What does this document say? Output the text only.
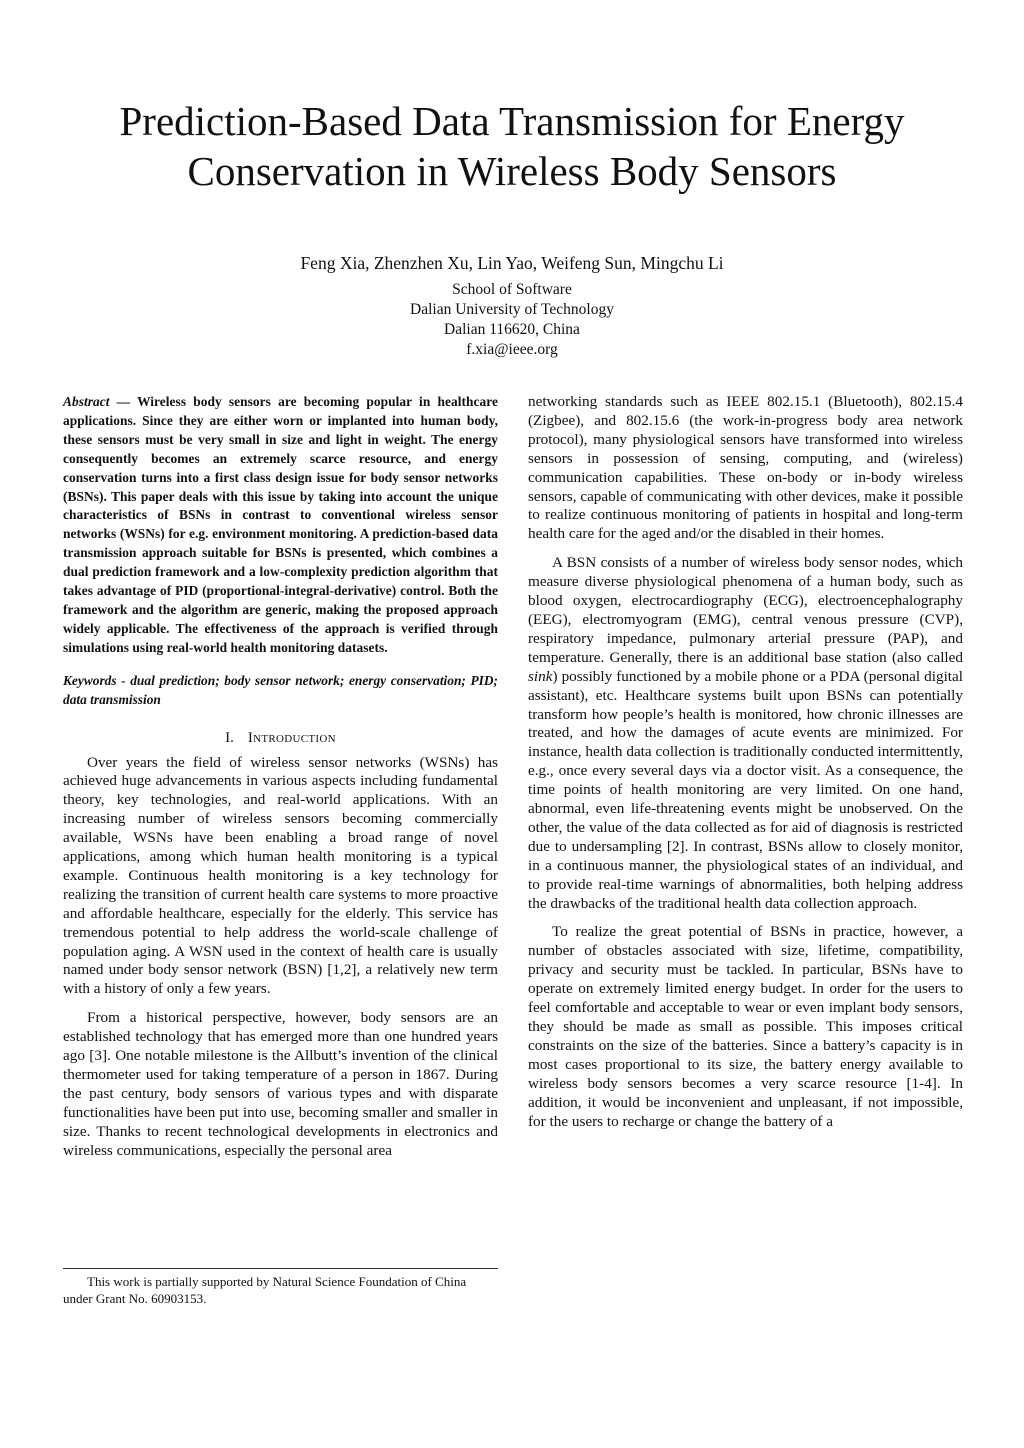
Prediction-Based Data Transmission for Energy
Conservation in Wireless Body Sensors

Feng Xia, Zhenzhen Xu, Lin Yao, Weifeng Sun, Mingchu Li

School of Software

Dalian University of Technology

Dalian 116620, China

f.xia@ieee.org

Abstract — Wireless body sensors are becoming popular in healthcare applications. Since they are either worn or implanted into human body, these sensors must be very small in size and light in weight. The energy consequently becomes an extremely scarce resource, and energy conservation turns into a first class design issue for body sensor networks (BSNs). This paper deals with this issue by taking into account the unique characteristics of BSNs in contrast to conventional wireless sensor networks (WSNs) for e.g. environment monitoring. A prediction-based data transmission approach suitable for BSNs is presented, which combines a dual prediction framework and a low-complexity prediction algorithm that takes advantage of PID (proportional-integral-derivative) control. Both the framework and the algorithm are generic, making the proposed approach widely applicable. The effectiveness of the approach is verified through simulations using real-world health monitoring datasets.

Keywords - dual prediction; body sensor network; energy conservation; PID; data transmission

I. Introduction

Over years the field of wireless sensor networks (WSNs) has achieved huge advancements in various aspects including fundamental theory, key technologies, and real-world applications. With an increasing number of wireless sensors becoming commercially available, WSNs have been enabling a broad range of novel applications, among which human health monitoring is a typical example. Continuous health monitoring is a key technology for realizing the transition of current health care systems to more proactive and affordable healthcare, especially for the elderly. This service has tremendous potential to help address the world-scale challenge of population aging. A WSN used in the context of health care is usually named under body sensor network (BSN) [1,2], a relatively new term with a history of only a few years.

From a historical perspective, however, body sensors are an established technology that has emerged more than one hundred years ago [3]. One notable milestone is the Allbutt’s invention of the clinical thermometer used for taking temperature of a person in 1867. During the past century, body sensors of various types and with disparate functionalities have been put into use, becoming smaller and smaller in size. Thanks to recent technological developments in electronics and wireless communications, especially the personal area

networking standards such as IEEE 802.15.1 (Bluetooth), 802.15.4 (Zigbee), and 802.15.6 (the work-in-progress body area network protocol), many physiological sensors have transformed into wireless sensors in possession of sensing, computing, and (wireless) communication capabilities. These on-body or in-body wireless sensors, capable of communicating with other devices, make it possible to realize continuous monitoring of patients in hospital and long-term health care for the aged and/or the disabled in their homes.

A BSN consists of a number of wireless body sensor nodes, which measure diverse physiological phenomena of a human body, such as blood oxygen, electrocardiography (ECG), electroencephalography (EEG), electromyogram (EMG), central venous pressure (CVP), respiratory impedance, pulmonary arterial pressure (PAP), and temperature. Generally, there is an additional base station (also called sink) possibly functioned by a mobile phone or a PDA (personal digital assistant), etc. Healthcare systems built upon BSNs can potentially transform how people’s health is monitored, how chronic illnesses are treated, and how the damages of acute events are minimized. For instance, health data collection is traditionally conducted intermittently, e.g., once every several days via a doctor visit. As a consequence, the time points of health monitoring are very limited. On one hand, abnormal, even life-threatening events might be unobserved. On the other, the value of the data collected as for aid of diagnosis is restricted due to undersampling [2]. In contrast, BSNs allow to closely monitor, in a continuous manner, the physiological states of an individual, and to provide real-time warnings of abnormalities, both helping address the drawbacks of the traditional health data collection approach.

To realize the great potential of BSNs in practice, however, a number of obstacles associated with size, lifetime, compatibility, privacy and security must be tackled. In particular, BSNs have to operate on extremely limited energy budget. In order for the users to feel comfortable and acceptable to wear or even implant body sensors, they should be made as small as possible. This imposes critical constraints on the size of the batteries. Since a battery’s capacity is in most cases proportional to its size, the battery energy available to wireless body sensors becomes a very scarce resource [1-4]. In addition, it would be inconvenient and unpleasant, if not impossible, for the users to recharge or change the battery of a

This work is partially supported by Natural Science Foundation of China
under Grant No. 60903153.
